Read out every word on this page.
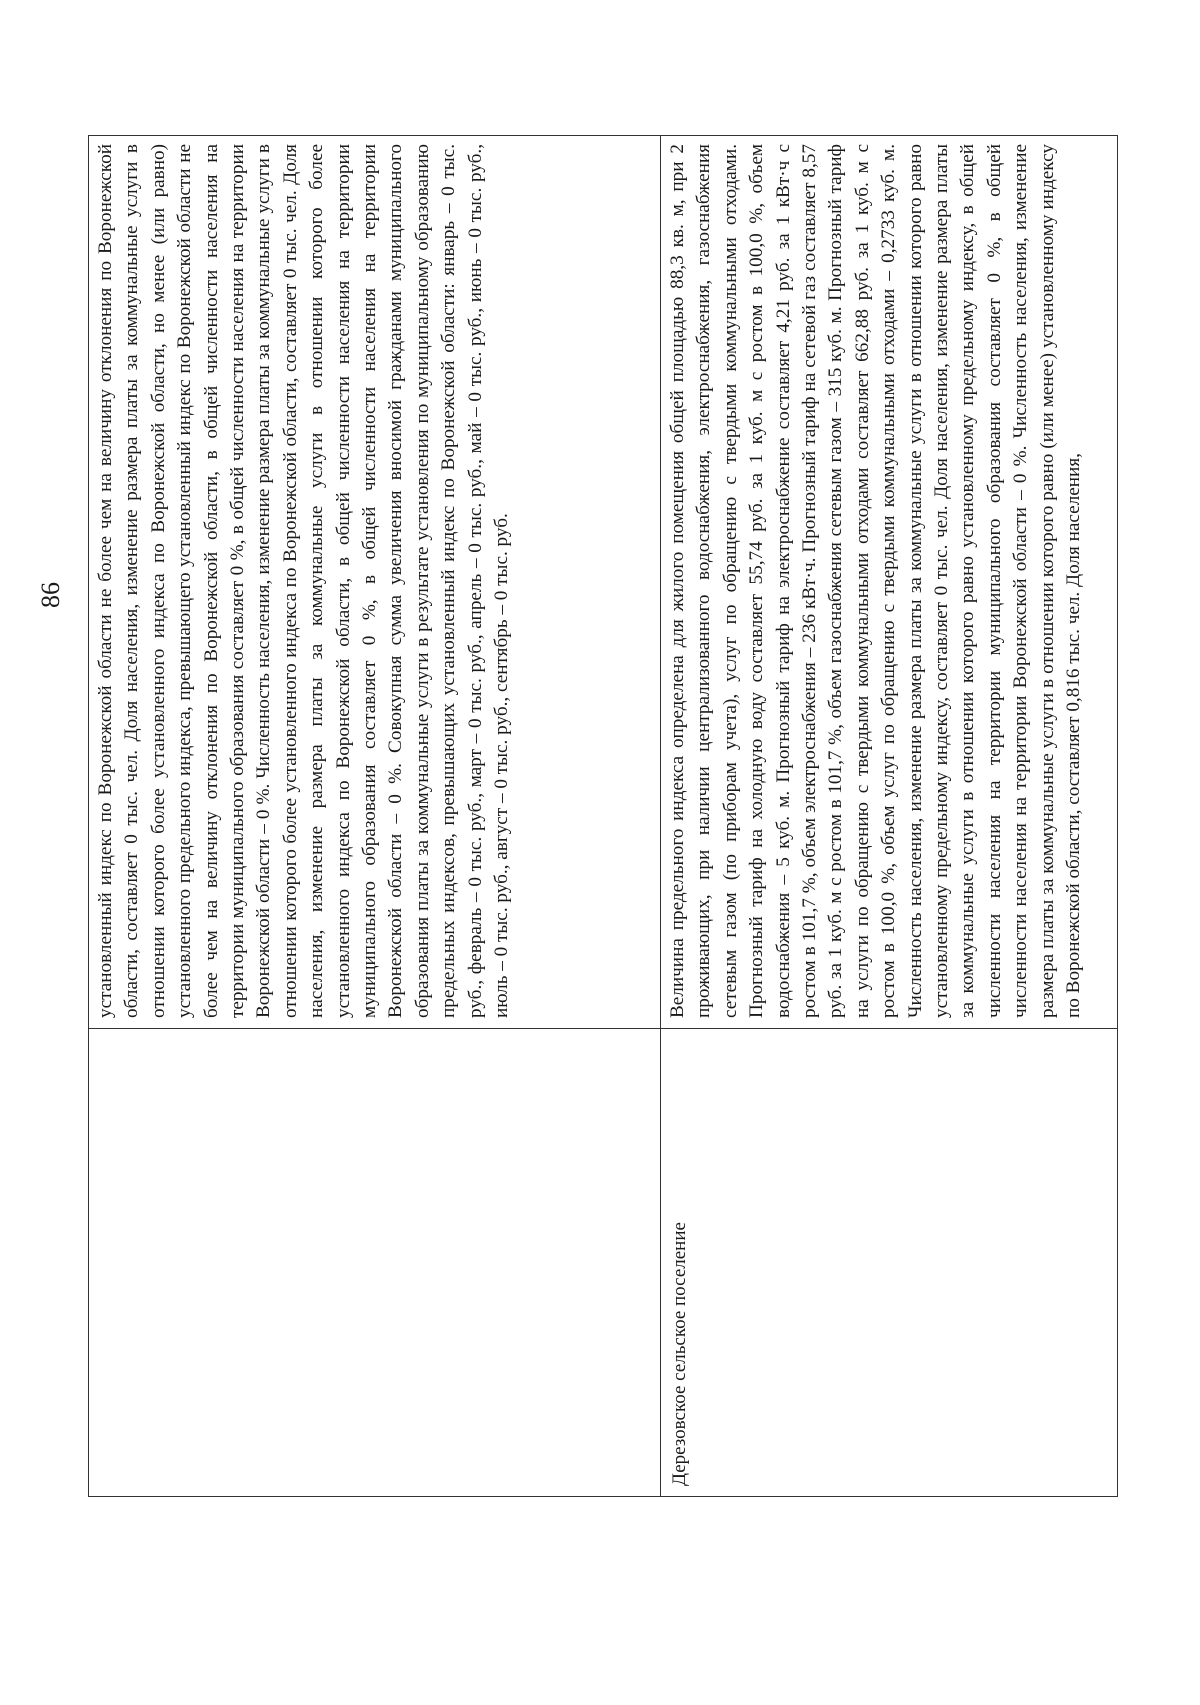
86	установленный индекс по Воронежской области не более чем на величину отклонения по Воронежской области, составляет 0 тыс. чел. Доля населения, изменение размера платы за коммунальные услуги в отношении которого более установленного индекса по Воронежской области, но менее (или равно) установленного предельного индекса, превышающего установленный индекс по Воронежской области не более чем на величину отклонения по Воронежской области, в общей численности населения на территории муниципального образования составляет 0 %, в общей численности населения на территории Воронежской области – 0 %. Численность населения, изменение размера платы за коммунальные услуги в отношении которого более установленного индекса по Воронежской области, составляет 0 тыс. чел. Доля населения, изменение размера платы за коммунальные услуги в отношении которого более установленного индекса по Воронежской области, в общей численности населения на территории муниципального образования составляет 0 %, в общей численности населения на территории Воронежской области – 0 %. Совокупная сумма увеличения вносимой гражданами муниципального образования платы за коммунальные услуги в результате установления по муниципальному образованию предельных индексов, превышающих установленный индекс по Воронежской области: январь – 0 тыс. руб., февраль – 0 тыс. руб., март – 0 тыс. руб., апрель – 0 тыс. руб., май – 0 тыс. руб., июнь – 0 тыс. руб., июль – 0 тыс. руб., август – 0 тыс. руб., сентябрь – 0 тыс. руб.
Дерезовское сельское поселение
Величина предельного индекса определена для жилого помещения общей площадью 88,3 кв. м, при 2 проживающих, при наличии централизованного водоснабжения, электроснабжения, газоснабжения сетевым газом (по приборам учета), услуг по обращению с твердыми коммунальными отходами. Прогнозный тариф на холодную воду составляет 55,74 руб. за 1 куб. м с ростом в 100,0 %, объем водоснабжения – 5 куб. м. Прогнозный тариф на электроснабжение составляет 4,21 руб. за 1 кВт·ч с ростом в 101,7 %, объем электроснабжения – 236 кВт·ч. Прогнозный тариф на сетевой газ составляет 8,57 руб. за 1 куб. м с ростом в 101,7 %, объем газоснабжения сетевым газом – 315 куб. м. Прогнозный тариф на услуги по обращению с твердыми коммунальными отходами составляет 662,88 руб. за 1 куб. м с ростом в 100,0 %, объем услуг по обращению с твердыми коммунальными отходами – 0,2733 куб. м. Численность населения, изменение размера платы за коммунальные услуги в отношении которого равно установленному предельному индексу, составляет 0 тыс. чел. Доля населения, изменение размера платы за коммунальные услуги в отношении которого равно установленному предельному индексу, в общей численности населения на территории муниципального образования составляет 0 %, в общей численности населения на территории Воронежской области – 0 %. Численность населения, изменение размера платы за коммунальные услуги в отношении которого равно (или менее) установленному индексу по Воронежской области, составляет 0,816 тыс. чел. Доля населения,
